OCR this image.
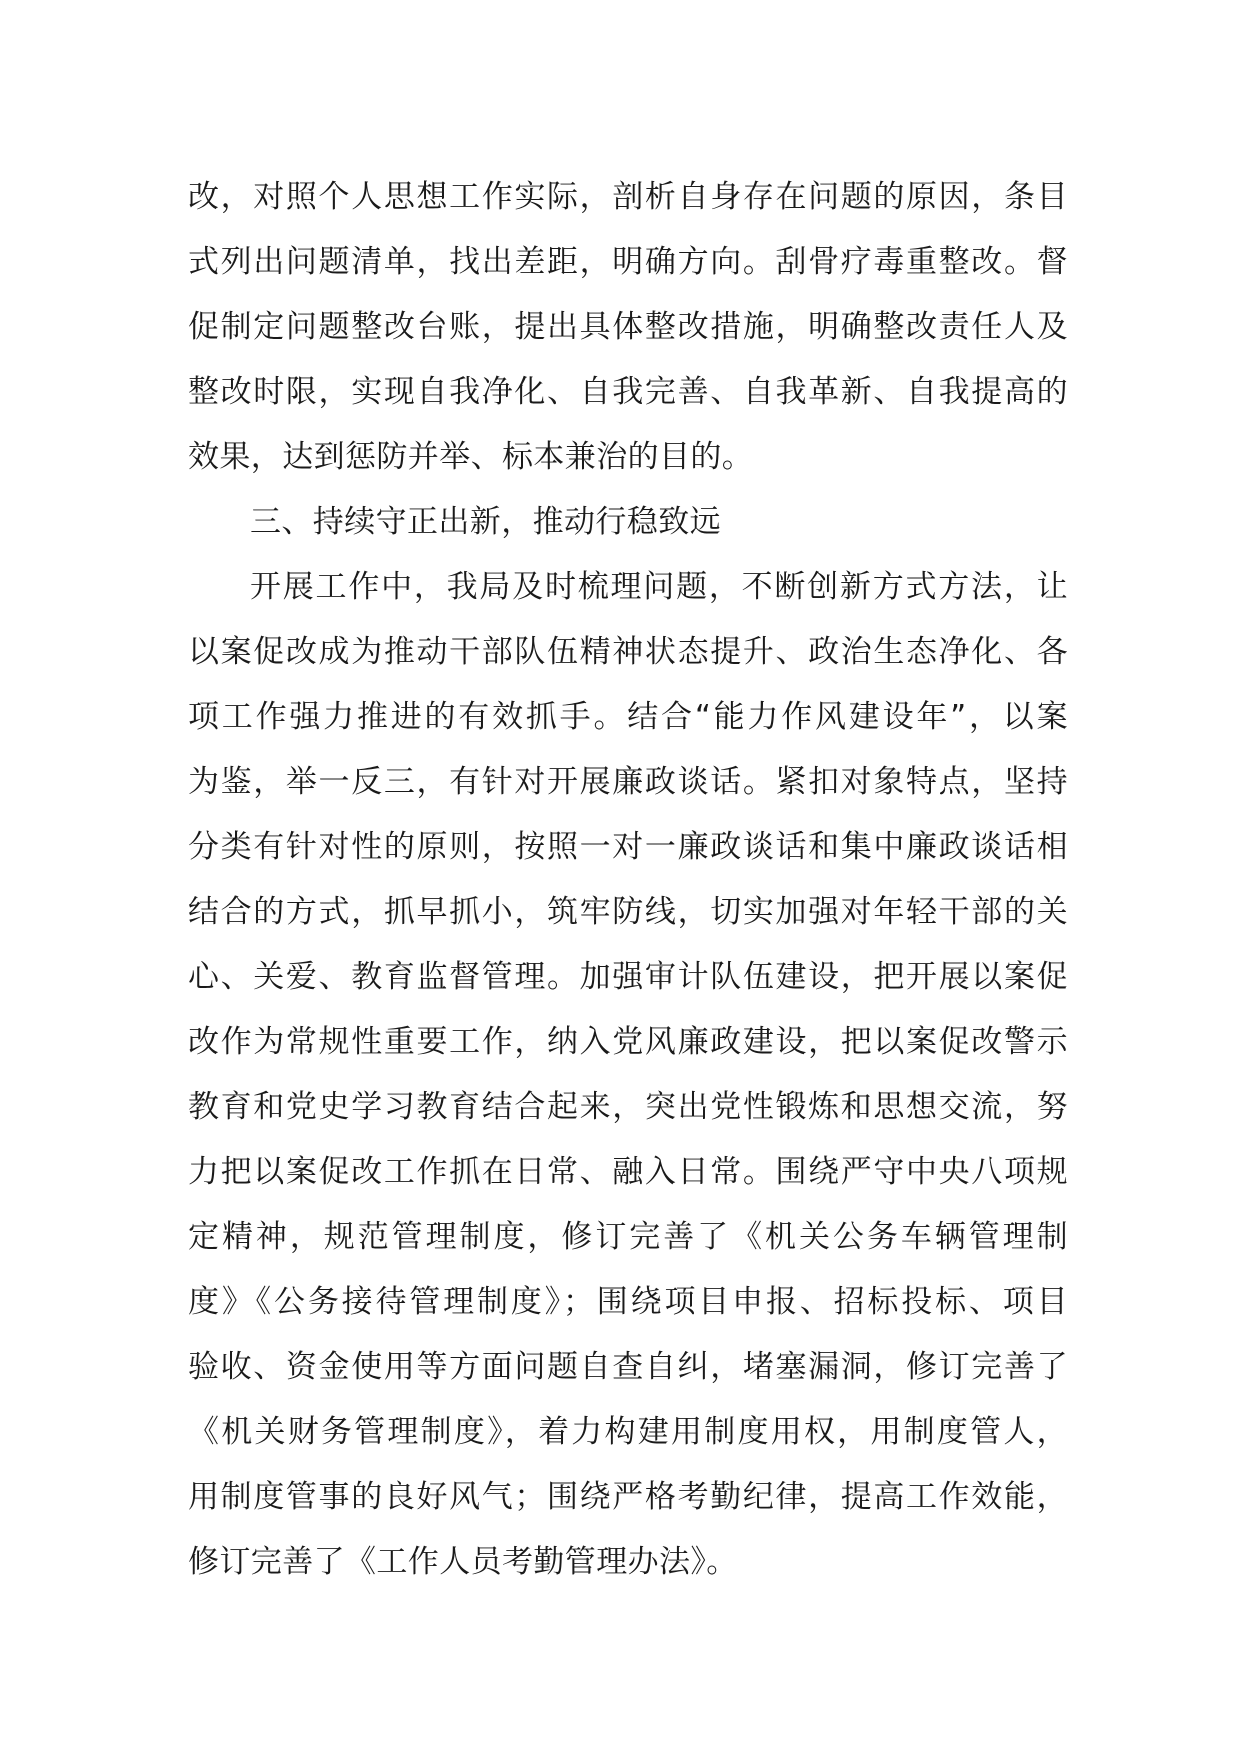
改，对照个人思想工作实际，剖析自身存在问题的原因，条目
式列出问题清单，找出差距，明确方向。刮骨疗毒重整改。督
促制定问题整改台账，提出具体整改措施，明确整改责任人及
整改时限，实现自我净化、自我完善、自我革新、自我提高的
效果，达到惩防并举、标本兼治的目的。
三、持续守正出新，推动行稳致远
开展工作中，我局及时梳理问题，不断创新方式方法，让
以案促改成为推动干部队伍精神状态提升、政治生态净化、各
项工作强力推进的有效抓手。结合“能力作风建设年”，以案
为鉴，举一反三，有针对开展廉政谈话。紧扣对象特点，坚持
分类有针对性的原则，按照一对一廉政谈话和集中廉政谈话相
结合的方式，抓早抓小，筑牢防线，切实加强对年轻干部的关
心、关爱、教育监督管理。加强审计队伍建设，把开展以案促
改作为常规性重要工作，纳入党风廉政建设，把以案促改警示
教育和党史学习教育结合起来，突出党性锻炼和思想交流，努
力把以案促改工作抓在日常、融入日常。围绕严守中央八项规
定精神，规范管理制度，修订完善了《机关公务车辆管理制
度》《公务接待管理制度》；围绕项目申报、招标投标、项目
验收、资金使用等方面问题自查自纠，堵塞漏洞，修订完善了
《机关财务管理制度》，着力构建用制度用权，用制度管人，
用制度管事的良好风气；围绕严格考勤纪律，提高工作效能，
修订完善了《工作人员考勤管理办法》。
